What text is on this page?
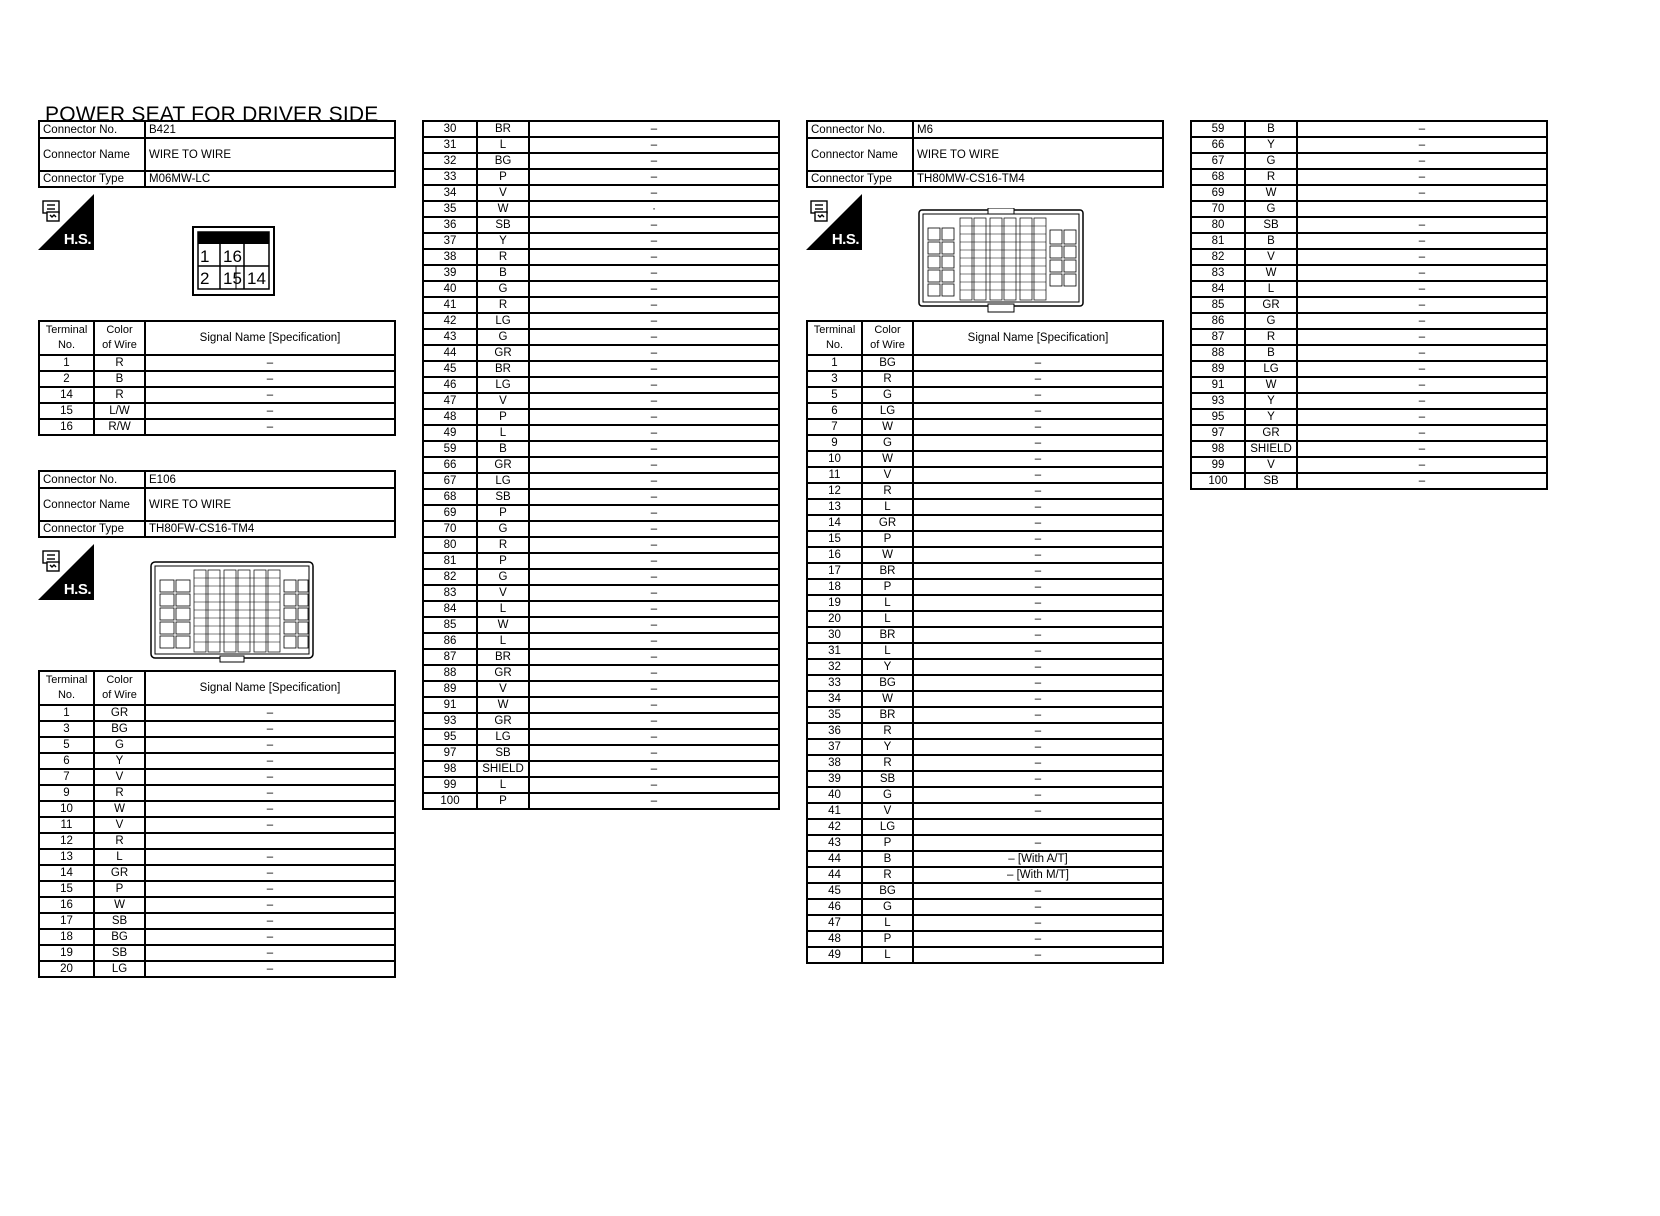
POWER SEAT FOR DRIVER SIDE
Connector No.	B421
Connector Name	WIRE TO WIRE
Connector Type	M06MW-LC
H.S.
1 16
2 15 14
Terminal
No.	Color
of Wire	Signal Name [Specification]
1	R	–
2	B	–
14	R	–
15	L/W	–
16	R/W	–
Connector No.	E106
Connector Name	WIRE TO WIRE
Connector Type	TH80FW-CS16-TM4
H.S.
Terminal
No.	Color
of Wire	Signal Name [Specification]
1	GR	–
3	BG	–
5	G	–
6	Y	–
7	V	–
9	R	–
10	W	–
11	V	–
12	R	
13	L	–
14	GR	–
15	P	–
16	W	–
17	SB	–
18	BG	–
19	SB	–
20	LG	–
30	BR	–
31	L	–
32	BG	–
33	P	–
34	V	–
35	W	·
36	SB	–
37	Y	–
38	R	–
39	B	–
40	G	–
41	R	–
42	LG	–
43	G	–
44	GR	–
45	BR	–
46	LG	–
47	V	–
48	P	–
49	L	–
59	B	–
66	GR	–
67	LG	–
68	SB	–
69	P	–
70	G	–
80	R	–
81	P	–
82	G	–
83	V	–
84	L	–
85	W	–
86	L	–
87	BR	–
88	GR	–
89	V	–
91	W	–
93	GR	–
95	LG	–
97	SB	–
98	SHIELD	–
99	L	–
100	P	–
Connector No.	M6
Connector Name	WIRE TO WIRE
Connector Type	TH80MW-CS16-TM4
H.S.
Terminal
No.	Color
of Wire	Signal Name [Specification]
1	BG	–
3	R	–
5	G	–
6	LG	–
7	W	–
9	G	–
10	W	–
11	V	–
12	R	–
13	L	–
14	GR	–
15	P	–
16	W	–
17	BR	–
18	P	–
19	L	–
20	L	–
30	BR	–
31	L	–
32	Y	–
33	BG	–
34	W	–
35	BR	–
36	R	–
37	Y	–
38	R	–
39	SB	–
40	G	–
41	V	–
42	LG	
43	P	–
44	B	– [With A/T]
44	R	– [With M/T]
45	BG	–
46	G	–
47	L	–
48	P	–
49	L	–
59	B	–
66	Y	–
67	G	–
68	R	–
69	W	–
70	G	
80	SB	–
81	B	–
82	V	–
83	W	–
84	L	–
85	GR	–
86	G	–
87	R	–
88	B	–
89	LG	–
91	W	–
93	Y	–
95	Y	–
97	GR	–
98	SHIELD	–
99	V	–
100	SB	–
